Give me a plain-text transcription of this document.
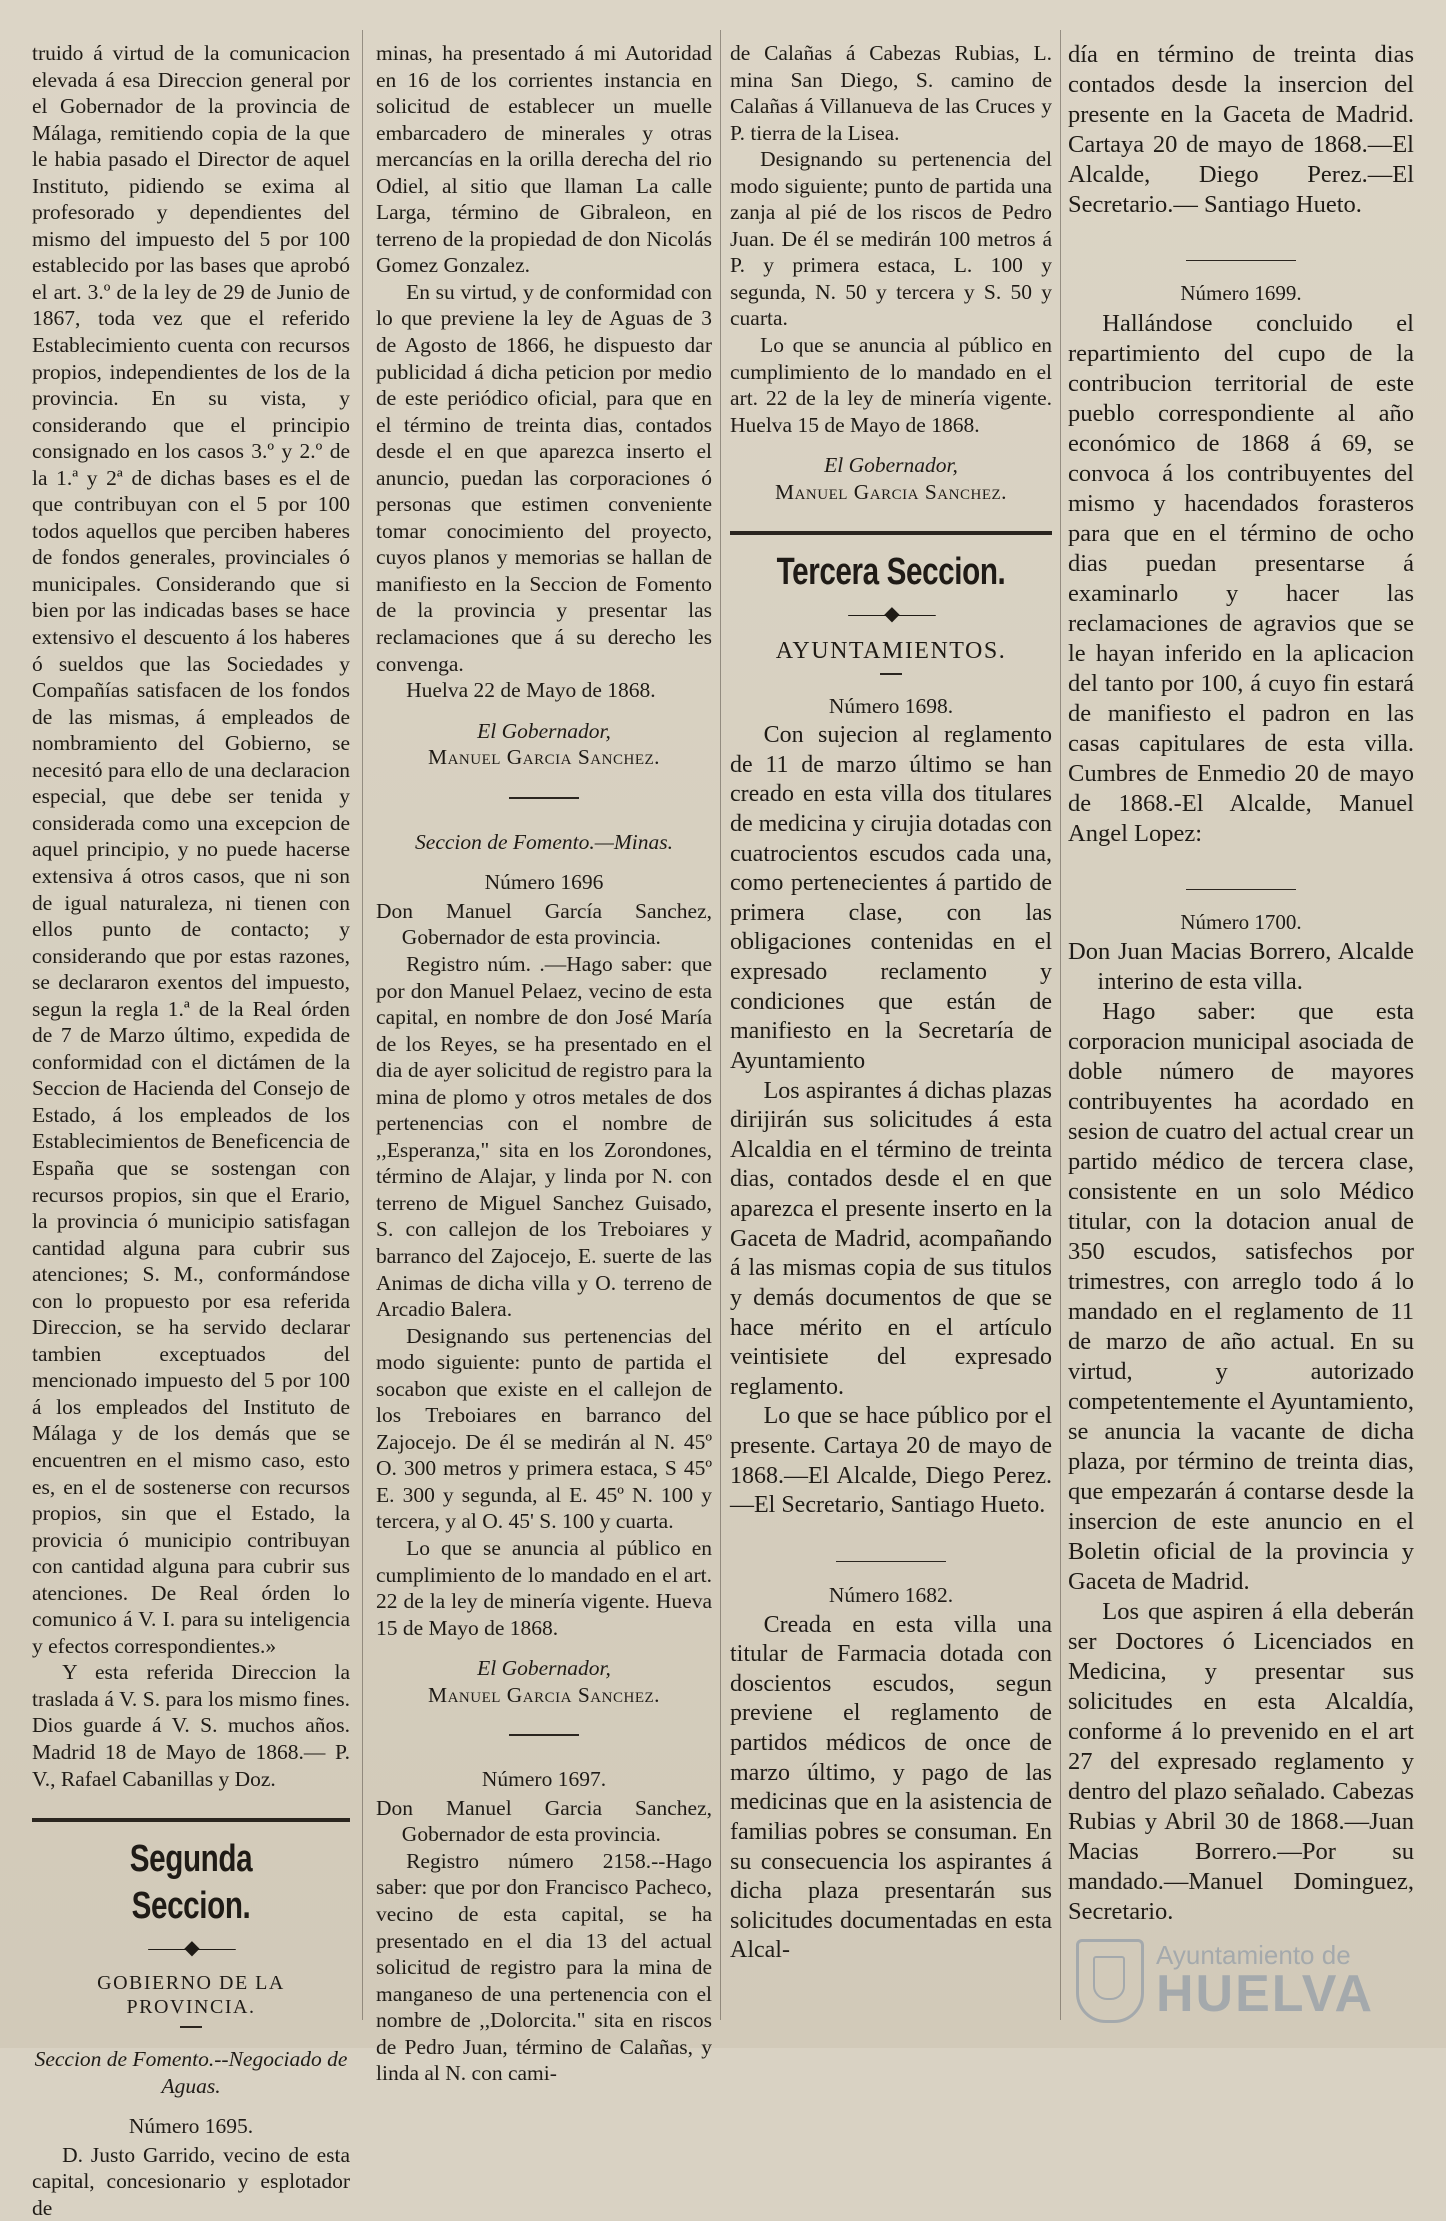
truido á virtud de la comunicacion elevada á esa Direccion general por el Gobernador de la provincia de Málaga, remitiendo copia de la que le habia pasado el Director de aquel Instituto, pidiendo se exima al profesorado y dependientes del mismo del impuesto del 5 por 100 establecido por las bases que aprobó el art. 3.º de la ley de 29 de Junio de 1867, toda vez que el referido Establecimiento cuenta con recursos propios, independientes de los de la provincia. En su vista, y considerando que el principio consignado en los casos 3.º y 2.º de la 1.ª y 2ª de dichas bases es el de que contribuyan con el 5 por 100 todos aquellos que perciben haberes de fondos generales, provinciales ó municipales. Considerando que si bien por las indicadas bases se hace extensivo el descuento á los haberes ó sueldos que las Sociedades y Compañías satisfacen de los fondos de las mismas, á empleados de nombramiento del Gobierno, se necesitó para ello de una declaracion especial, que debe ser tenida y considerada como una excepcion de aquel principio, y no puede hacerse extensiva á otros casos, que ni son de igual naturaleza, ni tienen con ellos punto de contacto; y considerando que por estas razones, se declararon exentos del impuesto, segun la regla 1.ª de la Real órden de 7 de Marzo último, expedida de conformidad con el dictámen de la Seccion de Hacienda del Consejo de Estado, á los empleados de los Establecimientos de Beneficencia de España que se sostengan con recursos propios, sin que el Erario, la provincia ó municipio satisfagan cantidad alguna para cubrir sus atenciones; S. M., conformándose con lo propuesto por esa referida Direccion, se ha servido declarar tambien exceptuados del mencionado impuesto del 5 por 100 á los empleados del Instituto de Málaga y de los demás que se encuentren en el mismo caso, esto es, en el de sostenerse con recursos propios, sin que el Estado, la provicia ó municipio contribuyan con cantidad alguna para cubrir sus atenciones. De Real órden lo comunico á V. I. para su inteligencia y efectos correspondientes.»

Y esta referida Direccion la traslada á V. S. para los mismo fines. Dios guarde á V. S. muchos años. Madrid 18 de Mayo de 1868.— P. V., Rafael Cabanillas y Doz.

Segunda Seccion.
——◆——
GOBIERNO DE LA PROVINCIA.

Seccion de Fomento.--Negociado de Aguas.

Número 1695.

D. Justo Garrido, vecino de esta capital, concesionario y esplotador de

minas, ha presentado á mi Autoridad en 16 de los corrientes instancia en solicitud de establecer un muelle embarcadero de minerales y otras mercancías en la orilla derecha del rio Odiel, al sitio que llaman La calle Larga, término de Gibraleon, en terreno de la propiedad de don Nicolás Gomez Gonzalez.

En su virtud, y de conformidad con lo que previene la ley de Aguas de 3 de Agosto de 1866, he dispuesto dar publicidad á dicha peticion por medio de este periódico oficial, para que en el término de treinta dias, contados desde el en que aparezca inserto el anuncio, puedan las corporaciones ó personas que estimen conveniente tomar conocimiento del proyecto, cuyos planos y memorias se hallan de manifiesto en la Seccion de Fomento de la provincia y presentar las reclamaciones que á su derecho les convenga.

Huelva 22 de Mayo de 1868.

El Gobernador,

Manuel Garcia Sanchez.

Seccion de Fomento.—Minas.

Número 1696

Don Manuel García Sanchez, Gobernador de esta provincia.

Registro núm. .—Hago saber: que por don Manuel Pelaez, vecino de esta capital, en nombre de don José María de los Reyes, se ha presentado en el dia de ayer solicitud de registro para la mina de plomo y otros metales de dos pertenencias con el nombre de ,,Esperanza," sita en los Zorondones, término de Alajar, y linda por N. con terreno de Miguel Sanchez Guisado, S. con callejon de los Treboiares y barranco del Zajocejo, E. suerte de las Animas de dicha villa y O. terreno de Arcadio Balera.

Designando sus pertenencias del modo siguiente: punto de partida el socabon que existe en el callejon de los Treboiares en barranco del Zajocejo. De él se medirán al N. 45º O. 300 metros y primera estaca, S 45º E. 300 y segunda, al E. 45º N. 100 y tercera, y al O. 45' S. 100 y cuarta.

Lo que se anuncia al público en cumplimiento de lo mandado en el art. 22 de la ley de minería vigente. Hueva 15 de Mayo de 1868.

El Gobernador,

Manuel Garcia Sanchez.

Número 1697.

Don Manuel Garcia Sanchez, Gobernador de esta provincia.

Registro número 2158.--Hago saber: que por don Francisco Pacheco, vecino de esta capital, se ha presentado en el dia 13 del actual solicitud de registro para la mina de manganeso de una pertenencia con el nombre de ,,Dolorcita." sita en riscos de Pedro Juan, término de Calañas, y linda al N. con cami-

de Calañas á Cabezas Rubias, L. mina San Diego, S. camino de Calañas á Villanueva de las Cruces y P. tierra de la Lisea.

Designando su pertenencia del modo siguiente; punto de partida una zanja al pié de los riscos de Pedro Juan. De él se medirán 100 metros á P. y primera estaca, L. 100 y segunda, N. 50 y tercera y S. 50 y cuarta.

Lo que se anuncia al público en cumplimiento de lo mandado en el art. 22 de la ley de minería vigente. Huelva 15 de Mayo de 1868.

El Gobernador,

Manuel Garcia Sanchez.

Tercera Seccion.
——◆——
AYUNTAMIENTOS.

Número 1698.

Con sujecion al reglamento de 11 de marzo último se han creado en esta villa dos titulares de medicina y cirujia dotadas con cuatrocientos escudos cada una, como pertenecientes á partido de primera clase, con las obligaciones contenidas en el expresado reclamento y condiciones que están de manifiesto en la Secretaría de Ayuntamiento

Los aspirantes á dichas plazas dirijirán sus solicitudes á esta Alcaldia en el término de treinta dias, contados desde el en que aparezca el presente inserto en la Gaceta de Madrid, acompañando á las mismas copia de sus titulos y demás documentos de que se hace mérito en el artículo veintisiete del expresado reglamento.

Lo que se hace público por el presente. Cartaya 20 de mayo de 1868.—El Alcalde, Diego Perez.—El Secretario, Santiago Hueto.

Número 1682.

Creada en esta villa una titular de Farmacia dotada con doscientos escudos, segun previene el reglamento de partidos médicos de once de marzo último, y pago de las medicinas que en la asistencia de familias pobres se consuman. En su consecuencia los aspirantes á dicha plaza presentarán sus solicitudes documentadas en esta Alcal-

día en término de treinta dias contados desde la insercion del presente en la Gaceta de Madrid. Cartaya 20 de mayo de 1868.—El Alcalde, Diego Perez.—El Secretario.— Santiago Hueto.

Número 1699.

Hallándose concluido el repartimiento del cupo de la contribucion territorial de este pueblo correspondiente al año económico de 1868 á 69, se convoca á los contribuyentes del mismo y hacendados forasteros para que en el término de ocho dias puedan presentarse á examinarlo y hacer las reclamaciones de agravios que se le hayan inferido en la aplicacion del tanto por 100, á cuyo fin estará de manifiesto el padron en las casas capitulares de esta villa. Cumbres de Enmedio 20 de mayo de 1868.-El Alcalde, Manuel Angel Lopez:

Número 1700.

Don Juan Macias Borrero, Alcalde interino de esta villa.

Hago saber: que esta corporacion municipal asociada de doble número de mayores contribuyentes ha acordado en sesion de cuatro del actual crear un partido médico de tercera clase, consistente en un solo Médico titular, con la dotacion anual de 350 escudos, satisfechos por trimestres, con arreglo todo á lo mandado en el reglamento de 11 de marzo de año actual. En su virtud, y autorizado competentemente el Ayuntamiento, se anuncia la vacante de dicha plaza, por término de treinta dias, que empezarán á contarse desde la insercion de este anuncio en el Boletin oficial de la provincia y Gaceta de Madrid.

Los que aspiren á ella deberán ser Doctores ó Licenciados en Medicina, y presentar sus solicitudes en esta Alcaldía, conforme á lo prevenido en el art 27 del expresado reglamento y dentro del plazo señalado. Cabezas Rubias y Abril 30 de 1868.—Juan Macias Borrero.—Por su mandado.—Manuel Dominguez, Secretario.

Ayuntamiento de
HUELVA
